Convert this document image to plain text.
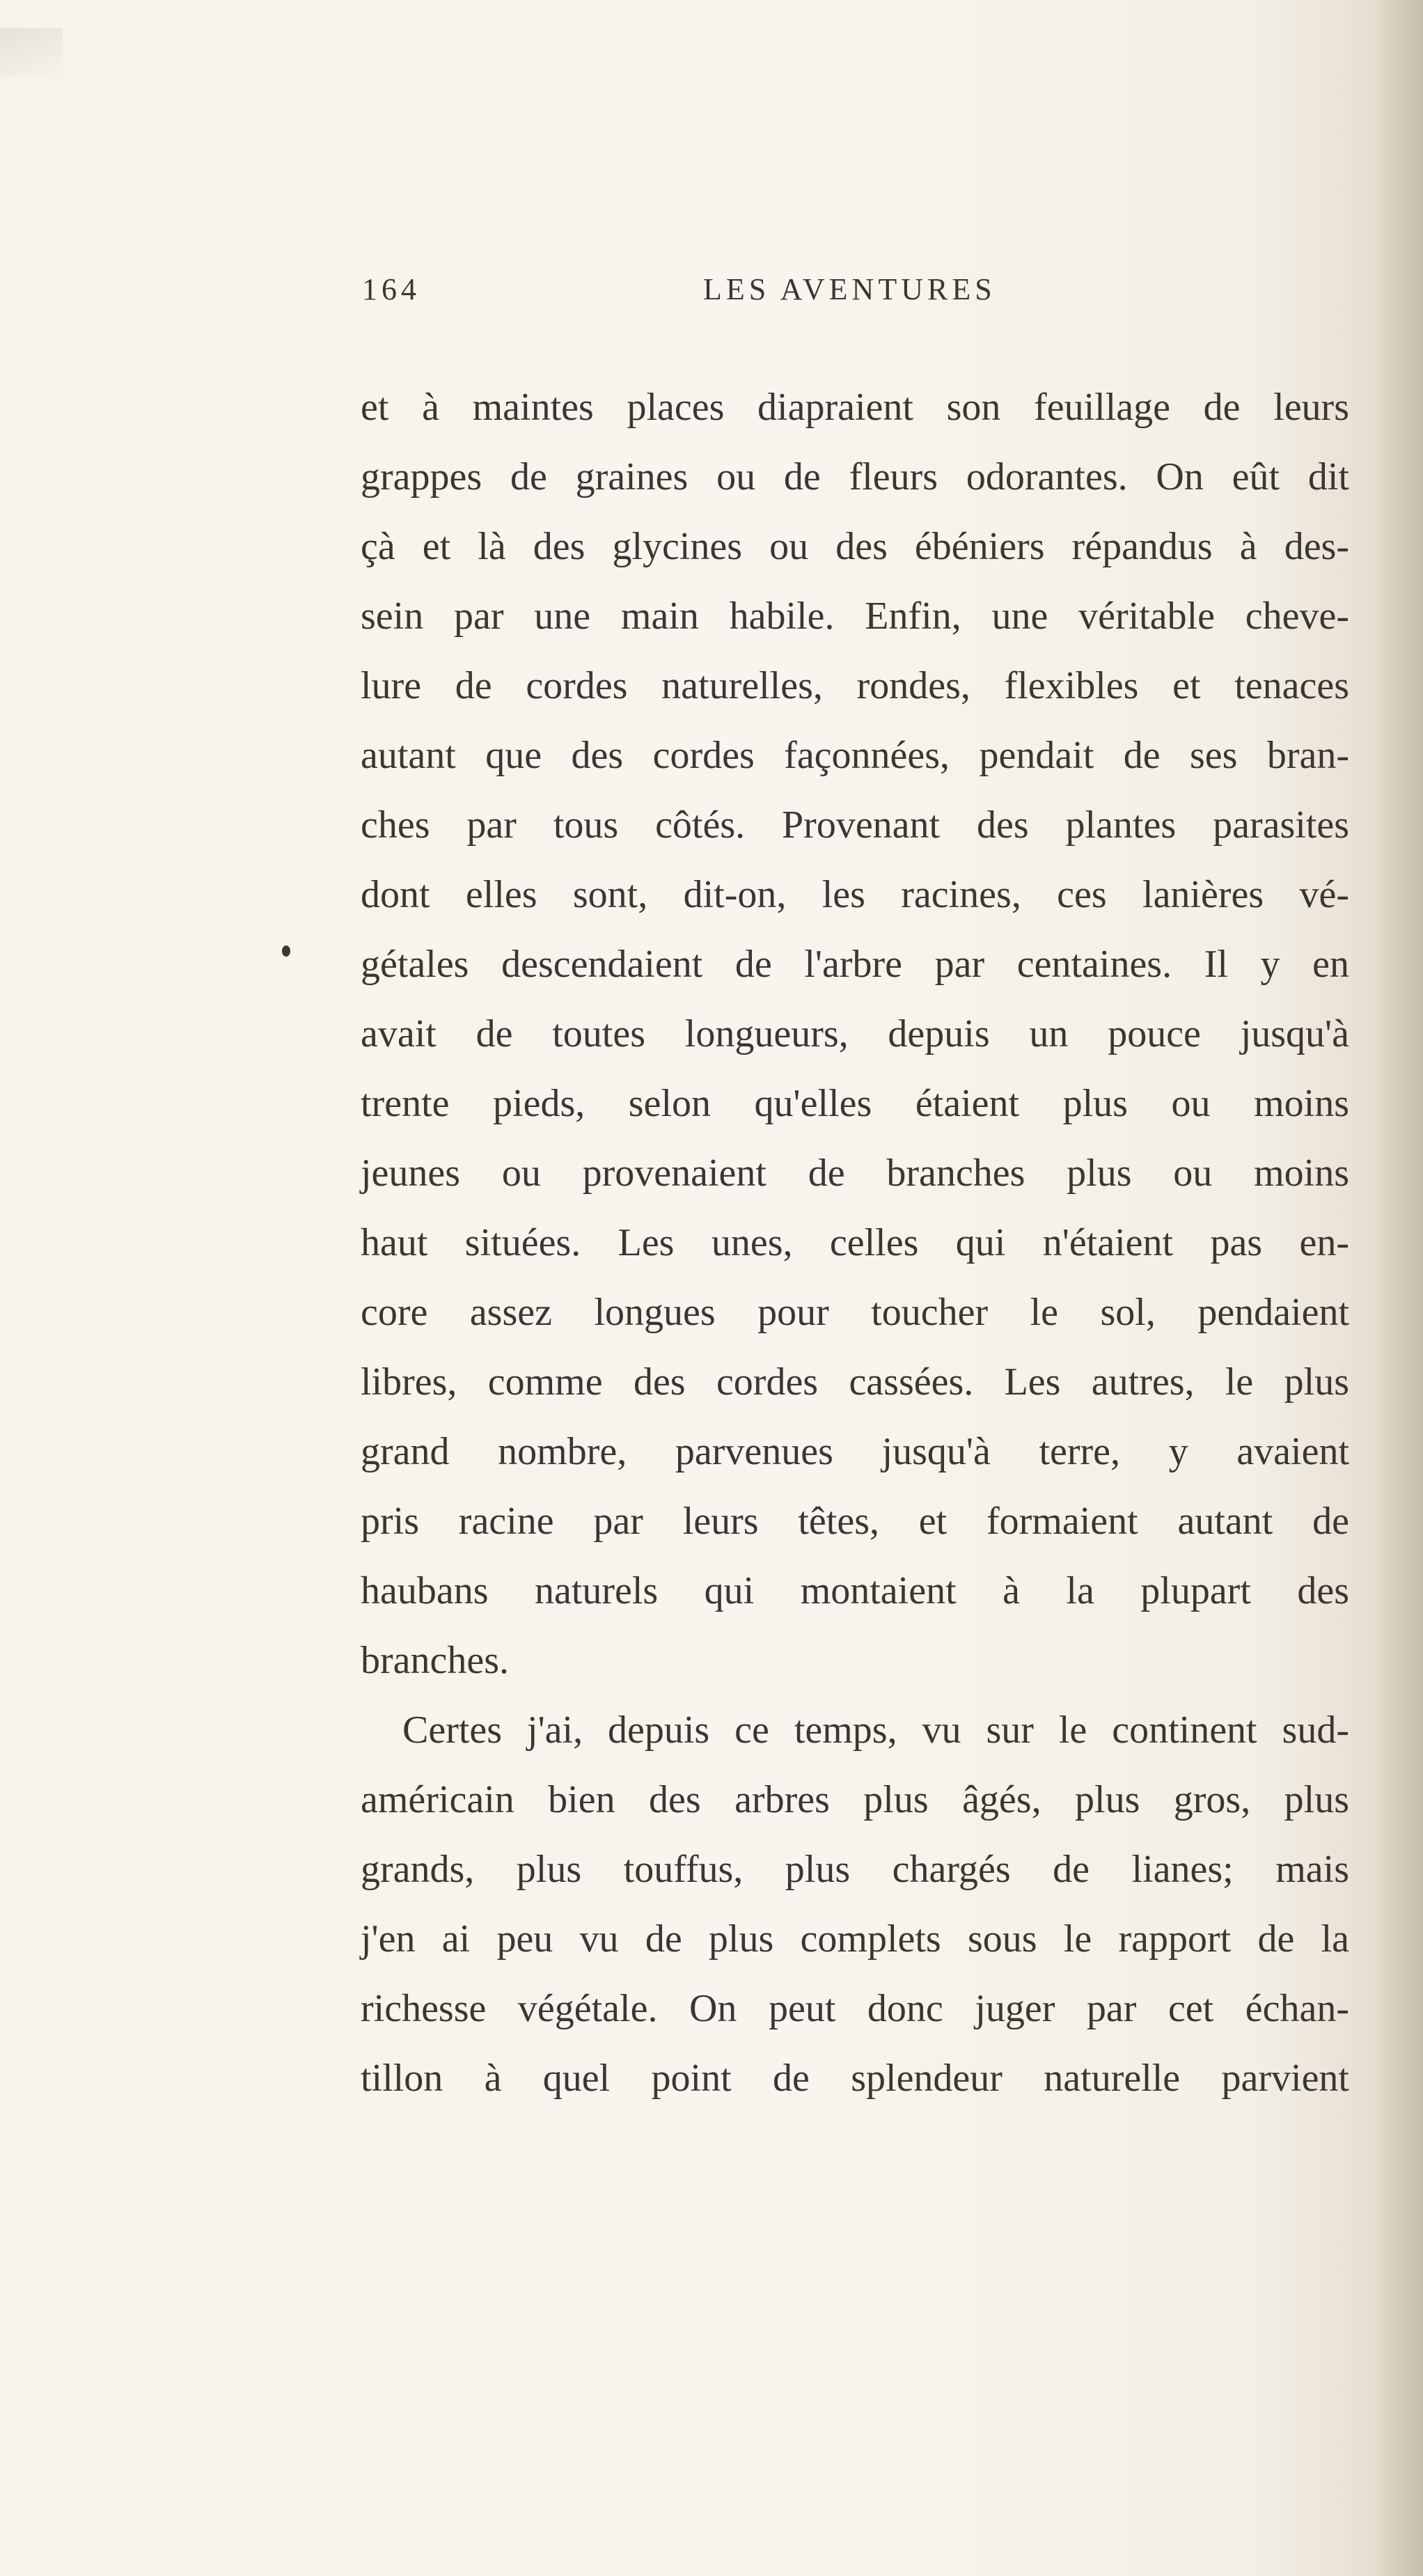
164	LES AVENTURES
et à maintes places diapraient son feuillage de leurs
grappes de graines ou de fleurs odorantes. On eût dit
çà et là des glycines ou des ébéniers répandus à des-
sein par une main habile. Enfin, une véritable cheve-
lure de cordes naturelles, rondes, flexibles et tenaces
autant que des cordes façonnées, pendait de ses bran-
ches par tous côtés. Provenant des plantes parasites
dont elles sont, dit-on, les racines, ces lanières vé-
gétales descendaient de l'arbre par centaines. Il y en
avait de toutes longueurs, depuis un pouce jusqu'à
trente pieds, selon qu'elles étaient plus ou moins
jeunes ou provenaient de branches plus ou moins
haut situées. Les unes, celles qui n'étaient pas en-
core assez longues pour toucher le sol, pendaient
libres, comme des cordes cassées. Les autres, le plus
grand nombre, parvenues jusqu'à terre, y avaient
pris racine par leurs têtes, et formaient autant de
haubans naturels qui montaient à la plupart des
branches.
Certes j'ai, depuis ce temps, vu sur le continent sud-
américain bien des arbres plus âgés, plus gros, plus
grands, plus touffus, plus chargés de lianes; mais
j'en ai peu vu de plus complets sous le rapport de la
richesse végétale. On peut donc juger par cet échan-
tillon à quel point de splendeur naturelle parvient
